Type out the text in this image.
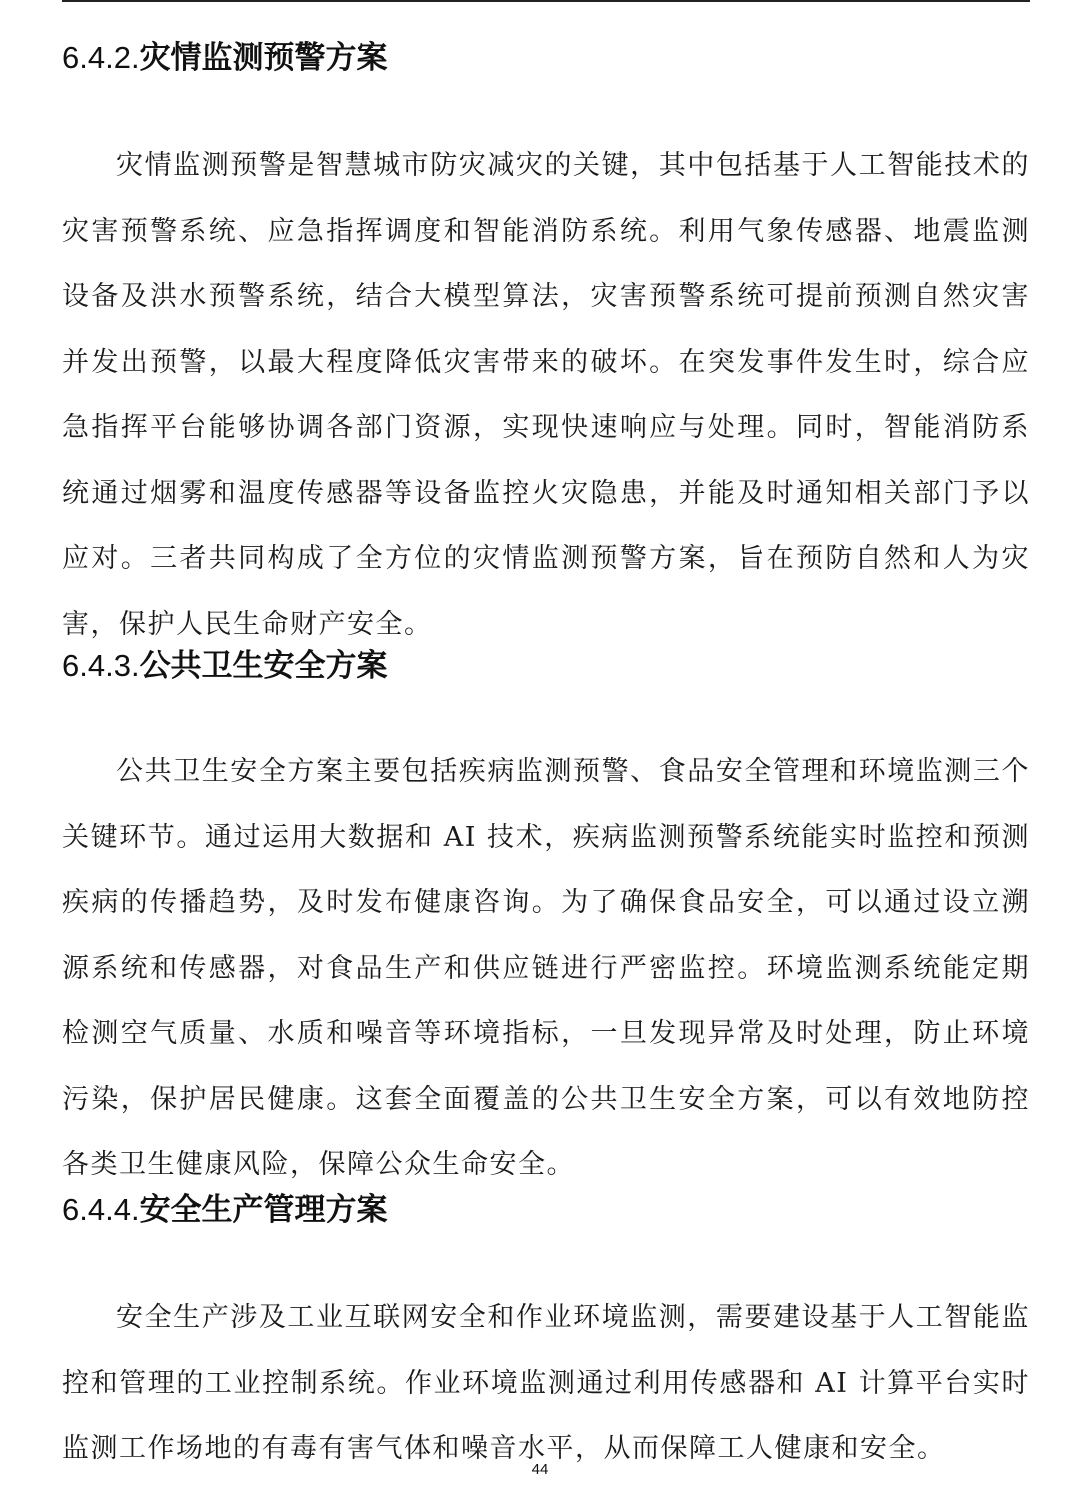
6.4.2.灾情监测预警方案

灾情监测预警是智慧城市防灾减灾的关键，其中包括基于人工智能技术的灾害预警系统、应急指挥调度和智能消防系统。利用气象传感器、地震监测设备及洪水预警系统，结合大模型算法，灾害预警系统可提前预测自然灾害并发出预警，以最大程度降低灾害带来的破坏。在突发事件发生时，综合应急指挥平台能够协调各部门资源，实现快速响应与处理。同时，智能消防系统通过烟雾和温度传感器等设备监控火灾隐患，并能及时通知相关部门予以应对。三者共同构成了全方位的灾情监测预警方案，旨在预防自然和人为灾害，保护人民生命财产安全。

6.4.3.公共卫生安全方案

公共卫生安全方案主要包括疾病监测预警、食品安全管理和环境监测三个关键环节。通过运用大数据和 AI 技术，疾病监测预警系统能实时监控和预测疾病的传播趋势，及时发布健康咨询。为了确保食品安全，可以通过设立溯源系统和传感器，对食品生产和供应链进行严密监控。环境监测系统能定期检测空气质量、水质和噪音等环境指标，一旦发现异常及时处理，防止环境污染，保护居民健康。这套全面覆盖的公共卫生安全方案，可以有效地防控各类卫生健康风险，保障公众生命安全。

6.4.4.安全生产管理方案

安全生产涉及工业互联网安全和作业环境监测，需要建设基于人工智能监控和管理的工业控制系统。作业环境监测通过利用传感器和 AI 计算平台实时监测工作场地的有毒有害气体和噪音水平，从而保障工人健康和安全。

44
